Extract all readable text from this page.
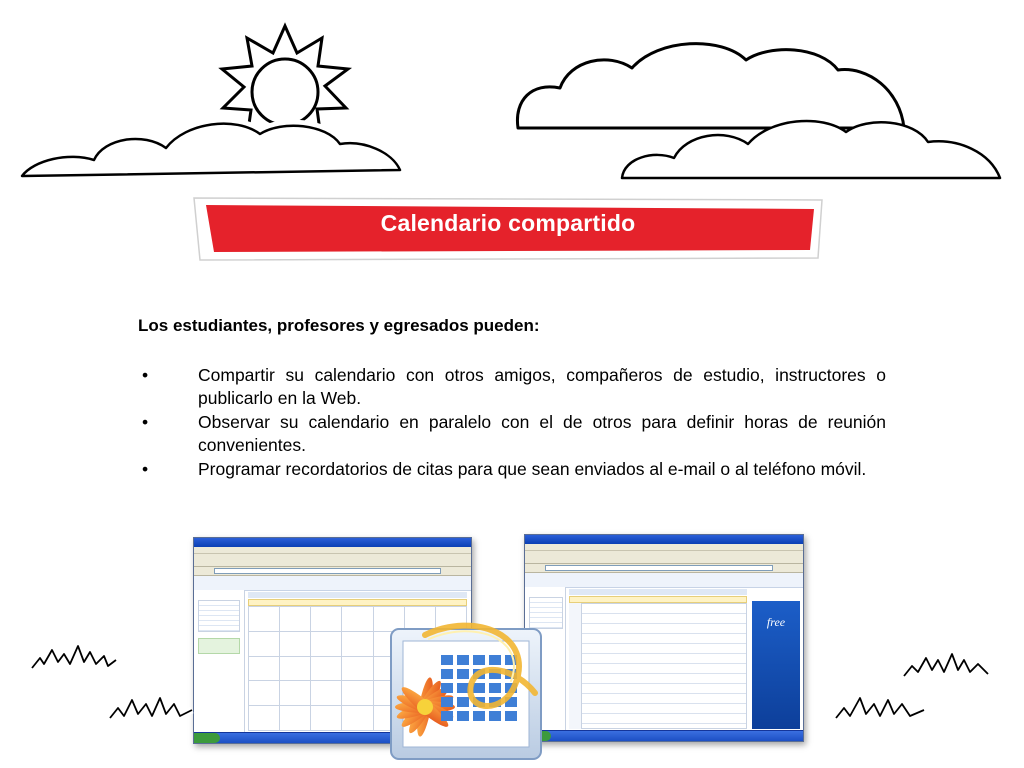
Calendario compartido

Los estudiantes, profesores y egresados pueden:

•	Compartir su calendario con otros amigos, compañeros de estudio, instructores o publicarlo en la Web.
•	Observar su calendario en paralelo con el de otros para definir horas de reunión convenientes.
•	Programar recordatorios de citas para que sean enviados al e-mail o al teléfono móvil.
free
